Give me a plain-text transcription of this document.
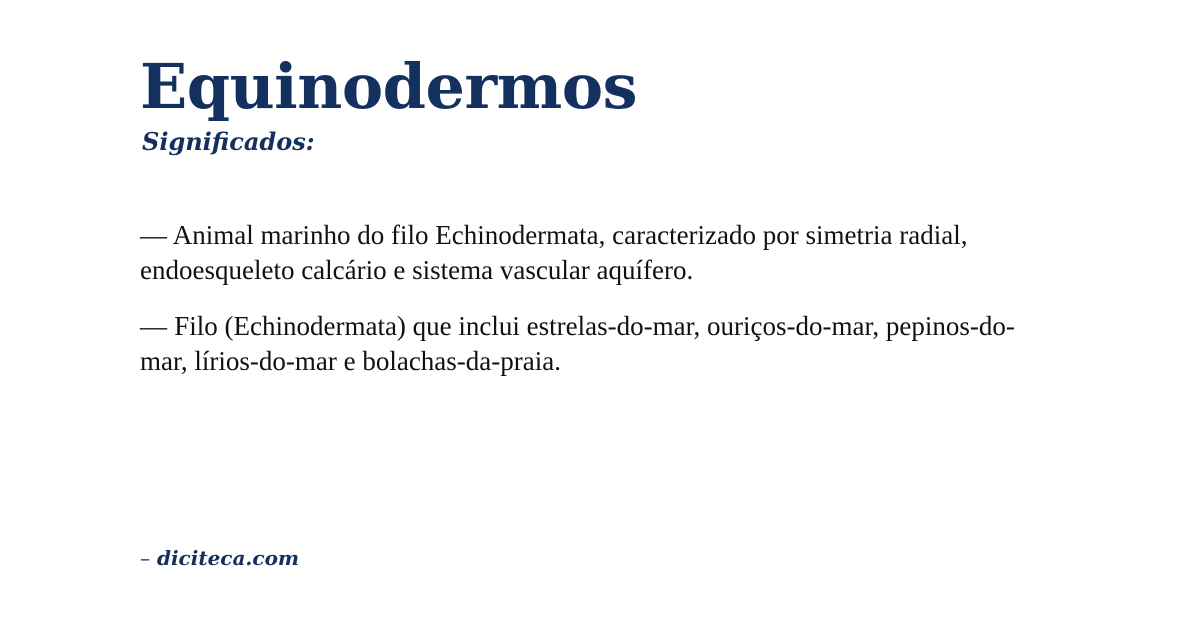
Equinodermos
Significados:

— Animal marinho do filo Echinodermata, caracterizado por simetria radial, endoesqueleto calcário e sistema vascular aquífero.

— Filo (Echinodermata) que inclui estrelas-do-mar, ouriços-do-mar, pepinos-do-mar, lírios-do-mar e bolachas-da-praia.

– diciteca.com
